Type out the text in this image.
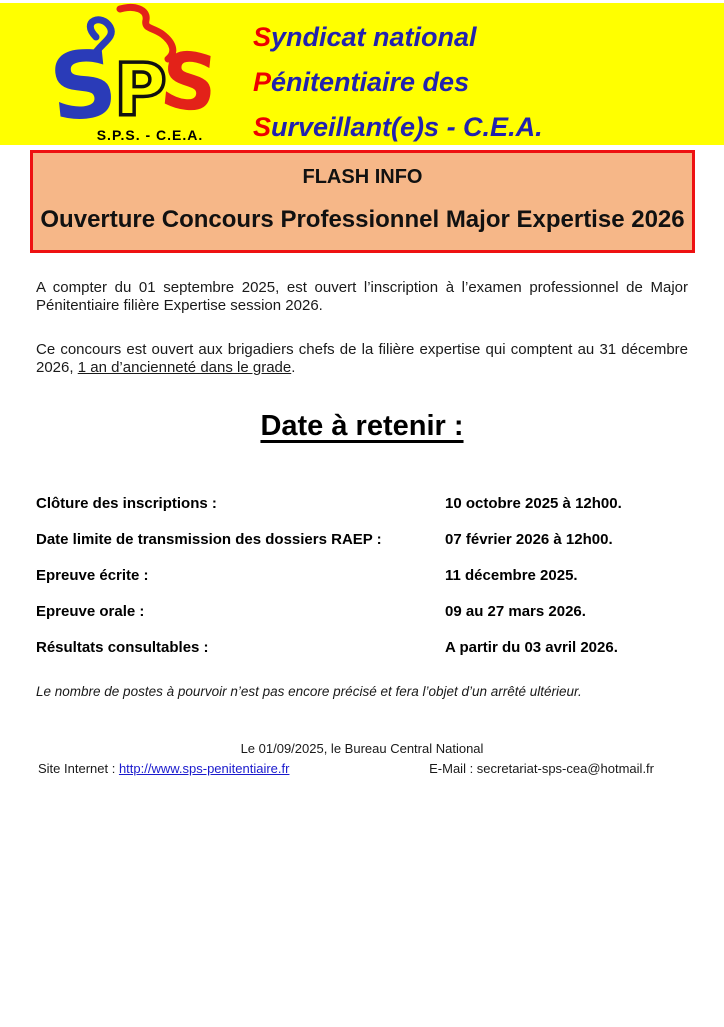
S
P
S
S.P.S. - C.E.A.
Syndicat national
Pénitentiaire des
Surveillant(e)s - C.E.A.
FLASH INFO
Ouverture Concours Professionnel Major Expertise 2026

A compter du 01 septembre 2025, est ouvert l’inscription à l’examen professionnel de Major Pénitentiaire filière Expertise session 2026.

Ce concours est ouvert aux brigadiers chefs de la filière expertise qui comptent au 31 décembre 2026, 1 an d’ancienneté dans le grade.

Date à retenir :
Clôture des inscriptions :	10 octobre 2025 à 12h00.
Date limite de transmission des dossiers RAEP :	07 février 2026 à 12h00.
Epreuve écrite :	11 décembre 2025.
Epreuve orale :	09 au 27 mars 2026.
Résultats consultables :	A partir du 03 avril 2026.

Le nombre de postes à pourvoir n’est pas encore précisé et fera l’objet d’un arrêté ultérieur.

Le 01/09/2025, le Bureau Central National
Site Internet : http://www.sps-penitentiaire.fr	E-Mail : secretariat-sps-cea@hotmail.fr
